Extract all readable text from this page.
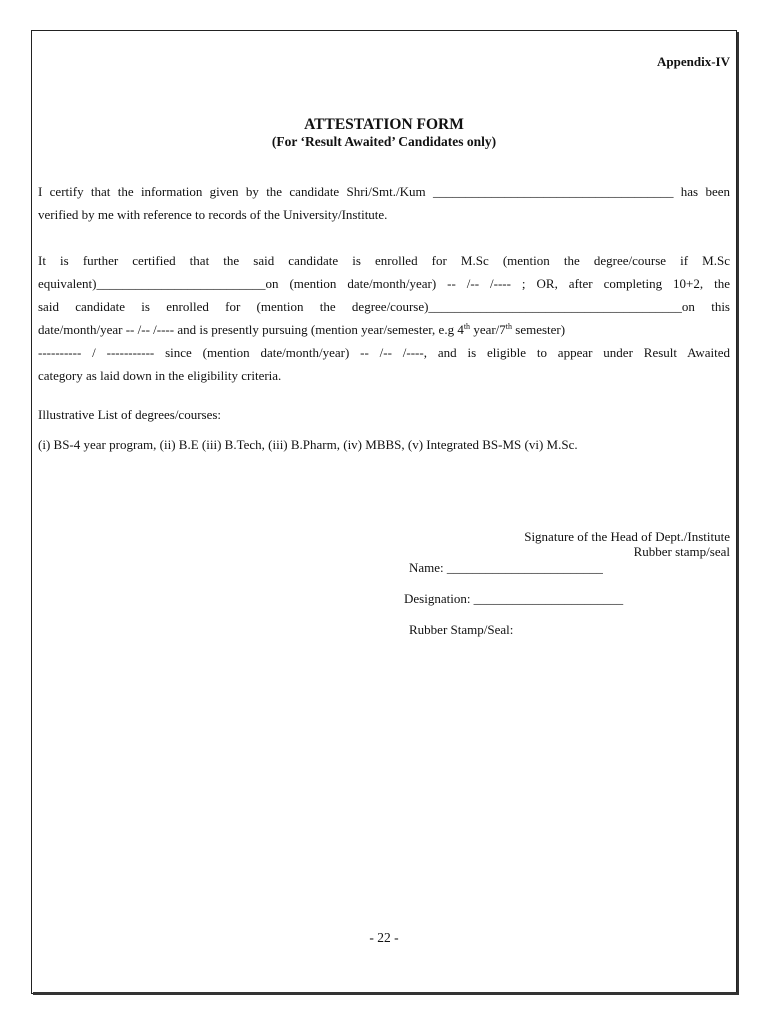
Appendix-IV
ATTESTATION FORM
(For ‘Result Awaited’ Candidates only)
I certify that the information given by the candidate Shri/Smt./Kum _____________________________________ has been
verified by me with reference to records of the University/Institute.
It is further certified that the said candidate is enrolled for M.Sc (mention the degree/course if M.Sc
equivalent)__________________________on (mention date/month/year) -- /-- /---- ; OR, after completing 10+2, the
said candidate is enrolled for (mention the degree/course)_______________________________________on this
date/month/year -- /-- /---- and is presently pursuing (mention year/semester, e.g 4th year/7th semester)
---------- / ----------- since (mention date/month/year) -- /-- /----, and is eligible to appear under Result Awaited
category as laid down in the eligibility criteria.
Illustrative List of degrees/courses:
(i) BS-4 year program, (ii) B.E (iii) B.Tech, (iii) B.Pharm, (iv) MBBS, (v) Integrated BS-MS (vi) M.Sc.
Signature of the Head of Dept./Institute
Rubber stamp/seal
Name: ________________________
Designation: _______________________
Rubber Stamp/Seal:
- 22 -
